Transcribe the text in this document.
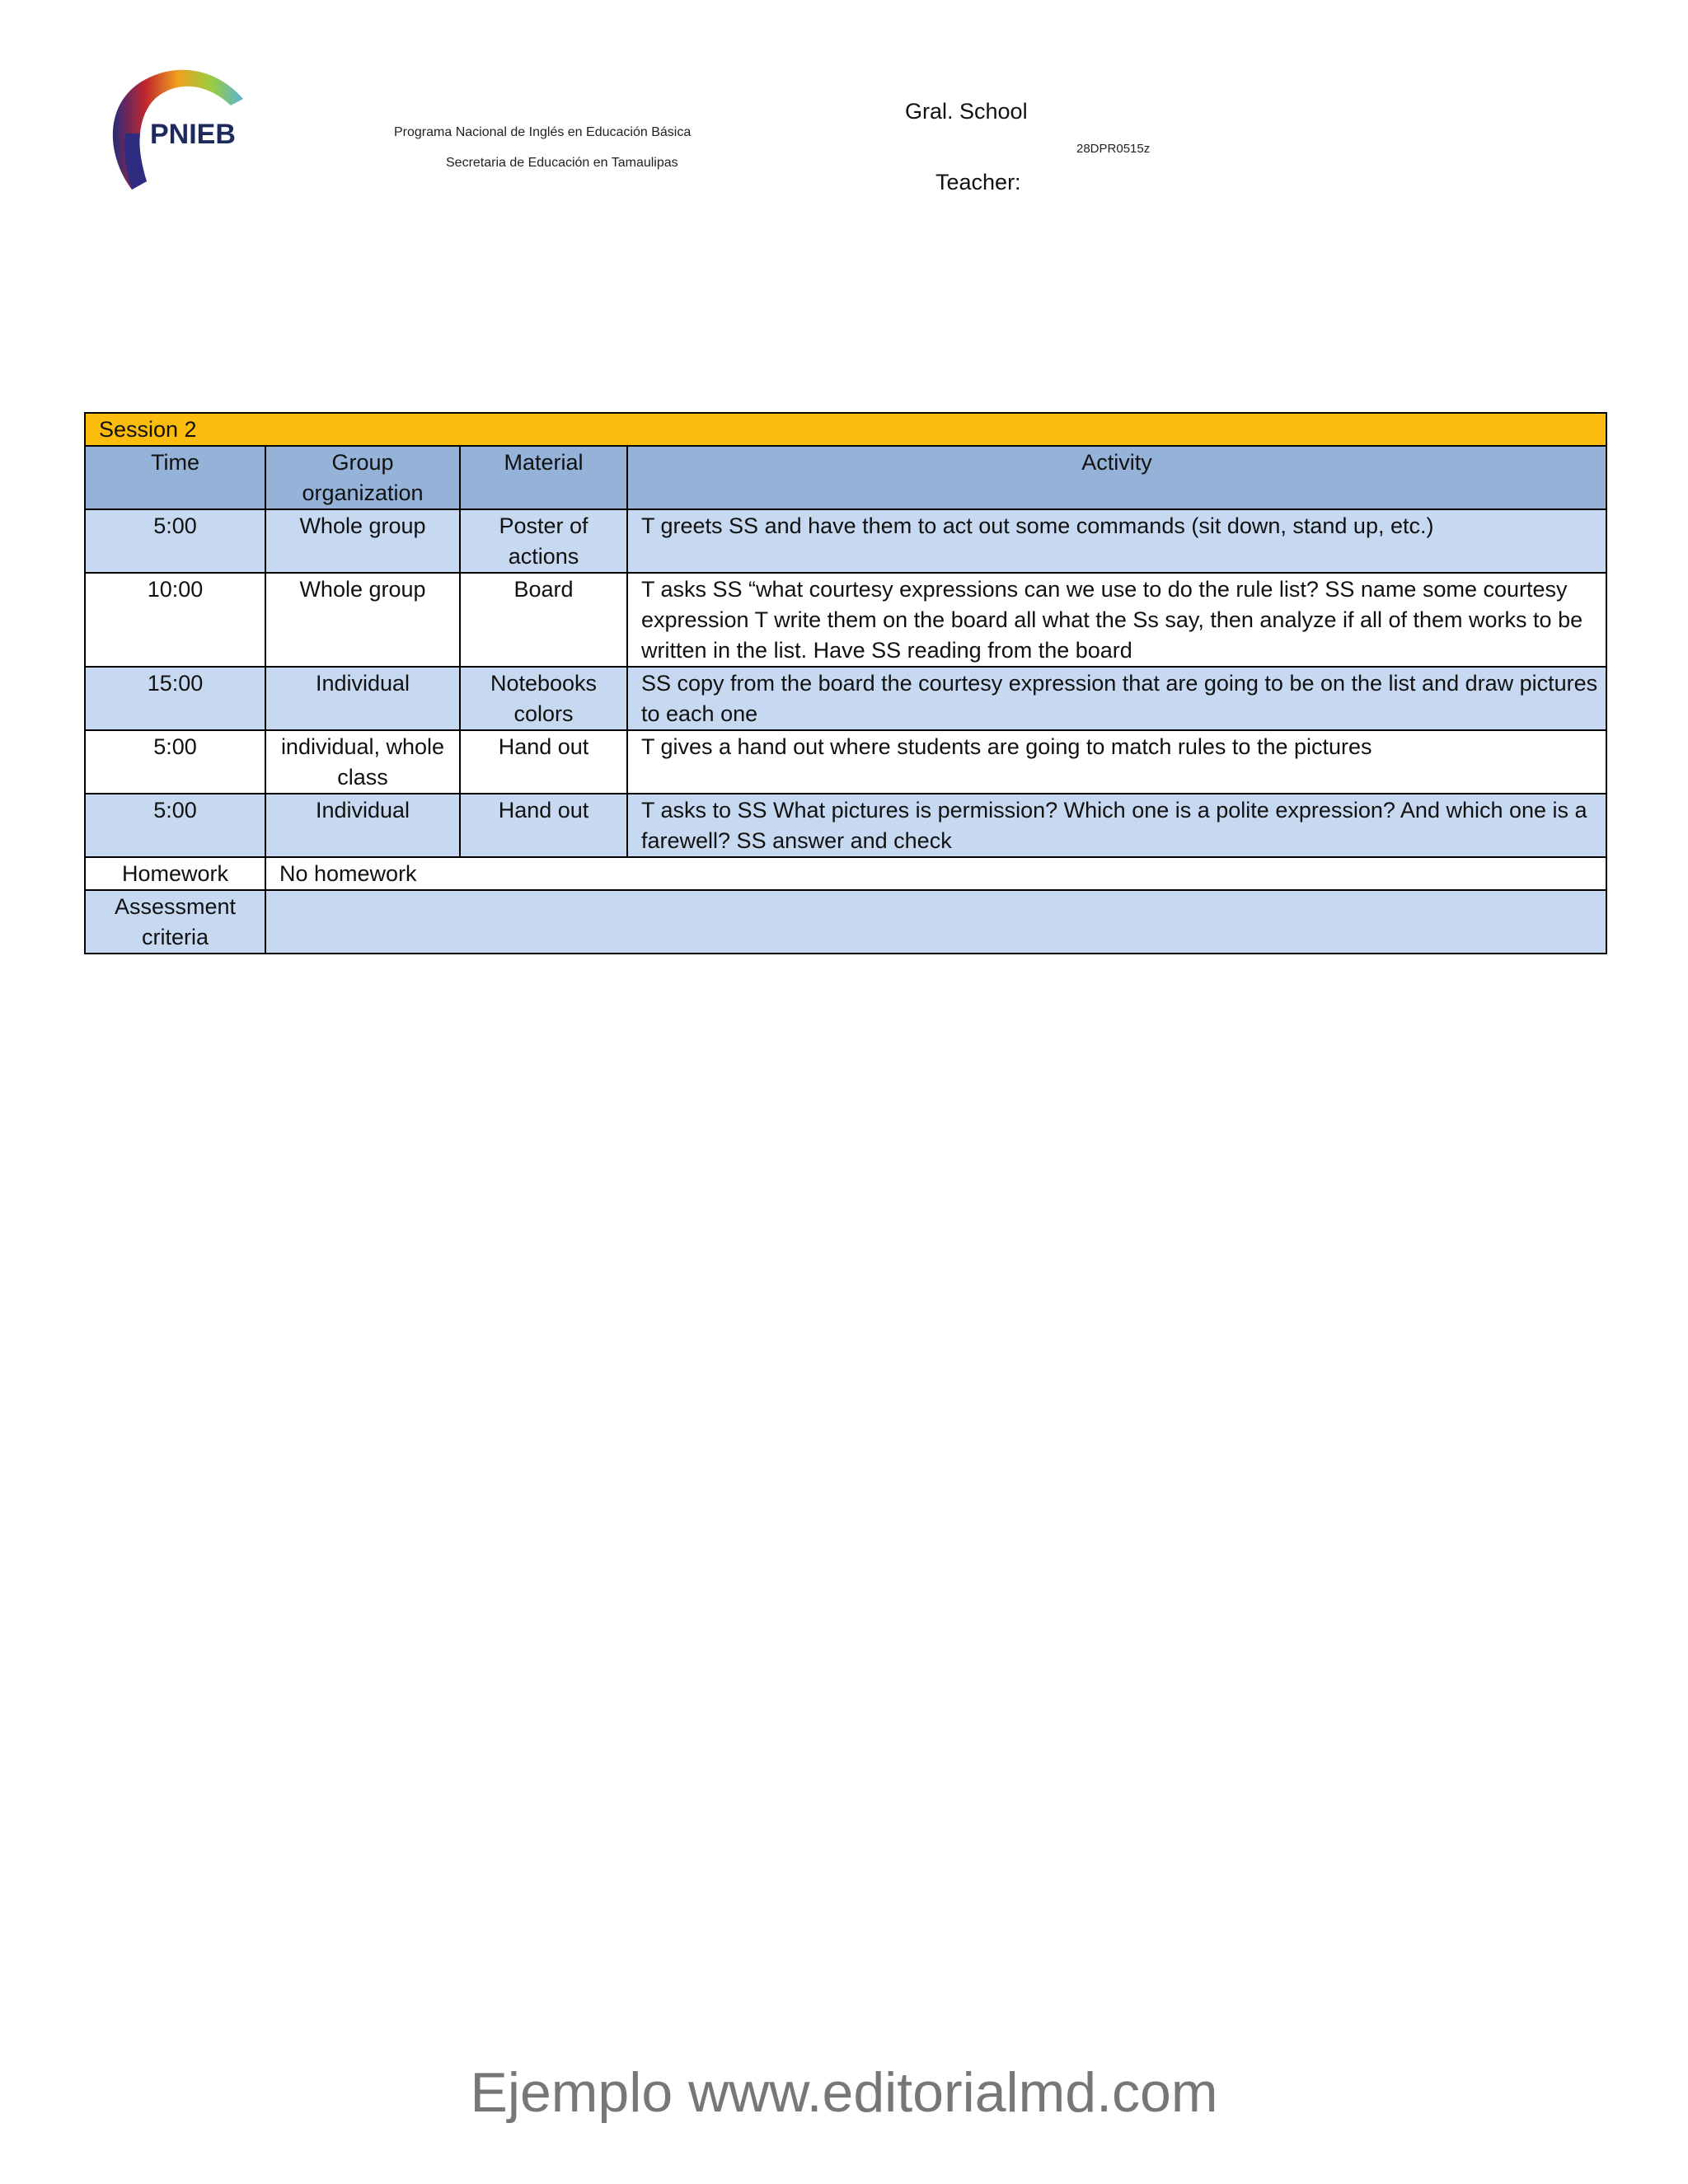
PNIEB	Programa Nacional de Inglés en Educación Básica
Secretaria de Educación en Tamaulipas
Gral. School
28DPR0515z
Teacher:
Session 2			
Time	Group organization	Material	Activity
5:00	Whole group	Poster of actions	T greets SS and have them to act out some commands (sit down, stand up, etc.)
10:00	Whole group	Board	T asks SS “what courtesy expressions can we use to do the rule list? SS name some courtesy expression T write them on the board all what the Ss say, then analyze if all of them works to be written in the list. Have SS reading from the board
15:00	Individual	Notebooks colors	SS copy from the board the courtesy expression that are going to be on the list and draw pictures to each one
5:00	individual, whole class	Hand out	T gives a hand out where students are going to match rules to the pictures
5:00	Individual	Hand out	T asks to SS What pictures is permission? Which one is a polite expression? And which one is a farewell? SS answer and check
Homework	No homework		
Assessment criteria			
Ejemplo www.editorialmd.com
